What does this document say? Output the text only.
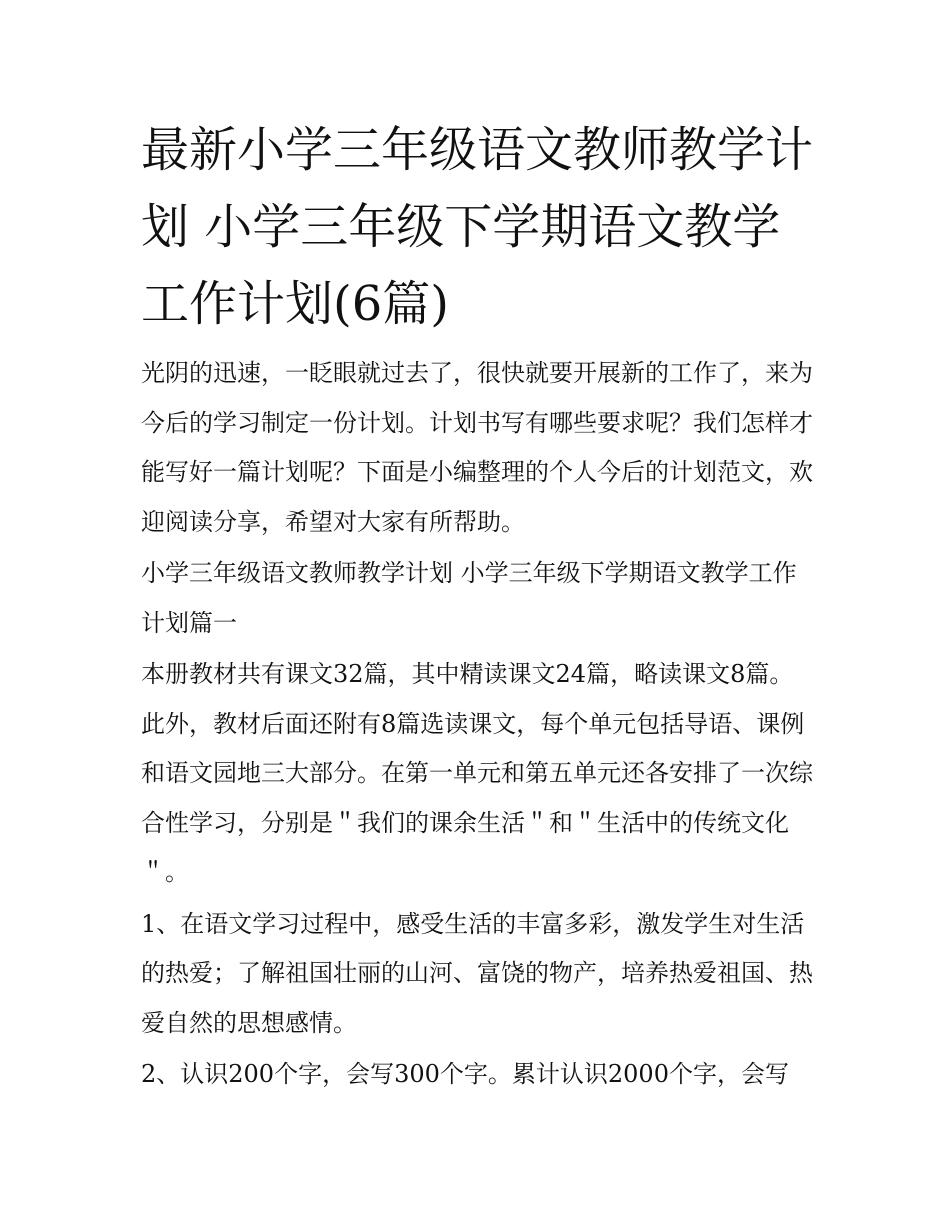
最新小学三年级语文教师教学计划 小学三年级下学期语文教学工作计划(6篇)

光阴的迅速，一眨眼就过去了，很快就要开展新的工作了，来为今后的学习制定一份计划。计划书写有哪些要求呢？我们怎样才能写好一篇计划呢？下面是小编整理的个人今后的计划范文，欢迎阅读分享，希望对大家有所帮助。

小学三年级语文教师教学计划 小学三年级下学期语文教学工作计划篇一

本册教材共有课文32篇，其中精读课文24篇，略读课文8篇。此外，教材后面还附有8篇选读课文，每个单元包括导语、课例和语文园地三大部分。在第一单元和第五单元还各安排了一次综合性学习，分别是＂我们的课余生活＂和＂生活中的传统文化＂。

1、在语文学习过程中，感受生活的丰富多彩，激发学生对生活的热爱；了解祖国壮丽的山河、富饶的物产，培养热爱祖国、热爱自然的思想感情。

2、认识200个字，会写300个字。累计认识2000个字，会写
